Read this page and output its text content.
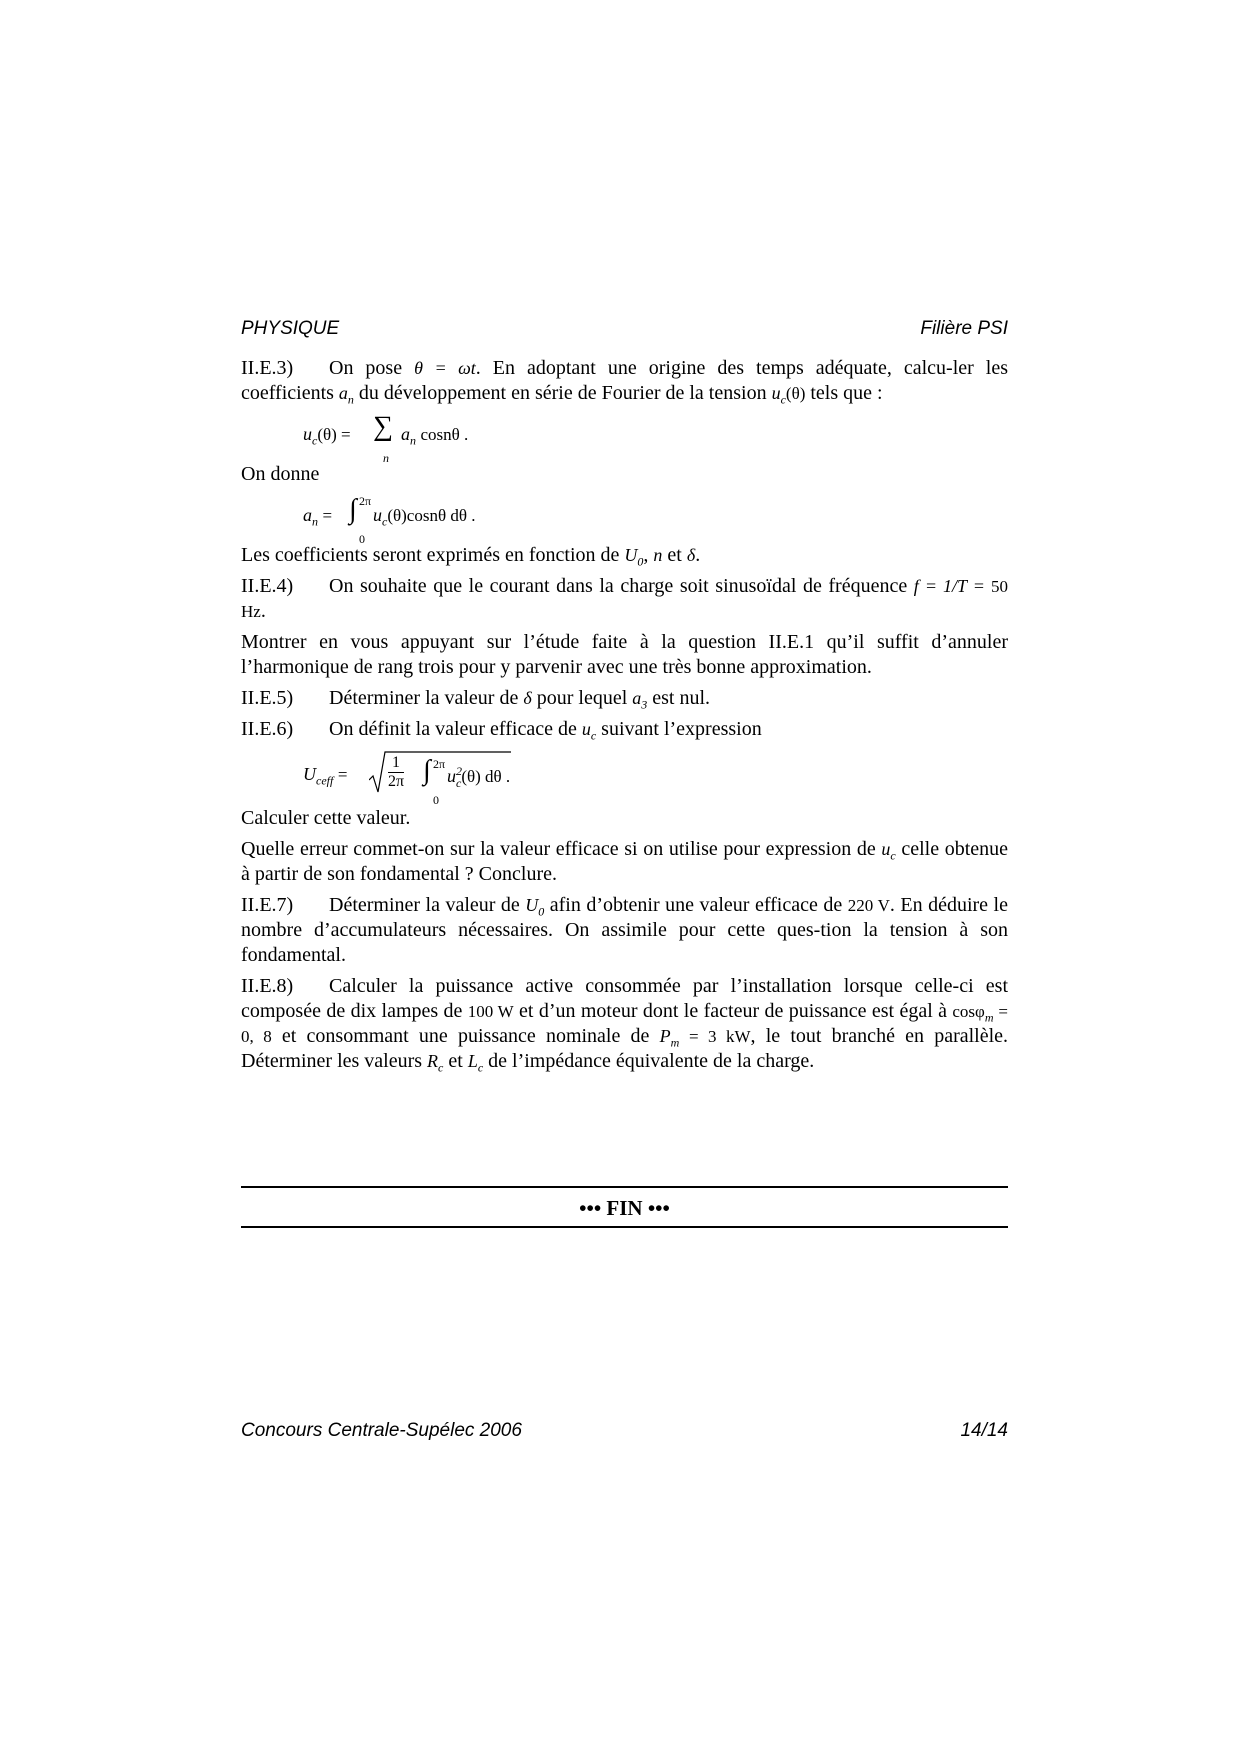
PHYSIQUE	Filière PSI

II.E.3) On pose θ = ωt. En adoptant une origine des temps adéquate, calcu-ler les coefficients $a_n$ du développement en série de Fourier de la tension $u_c(\theta)$ tels que :

$u_c(\theta)$ = ∑
n
$a_n$ cosnθ .

On donne

$a_n$ = ∫ 2π
0
$u_c(\theta)\cos n\theta$ dθ .

Les coefficients seront exprimés en fonction de $U_0$, n et δ.

II.E.4) On souhaite que le courant dans la charge soit sinusoïdal de fréquence f = 1/T = 50 Hz.

Montrer en vous appuyant sur l’étude faite à la question II.E.1 qu’il suffit d’annuler l’harmonique de rang trois pour y parvenir avec une très bonne approximation.

II.E.5) Déterminer la valeur de δ pour lequel $a_3$ est nul.

II.E.6) On définit la valeur efficace de $u_c$ suivant l’expression

$U_{ceff}$ =	$\frac{1}{2\pi}$ ∫ 2π
0
$u^2_c(\theta)$ dθ .

Calculer cette valeur.

Quelle erreur commet-on sur la valeur efficace si on utilise pour expression de $u_c$ celle obtenue à partir de son fondamental ? Conclure.

II.E.7) Déterminer la valeur de $U_0$ afin d’obtenir une valeur efficace de 220 V. En déduire le nombre d’accumulateurs nécessaires. On assimile pour cette ques-tion la tension à son fondamental.

II.E.8) Calculer la puissance active consommée par l’installation lorsque celle-ci est composée de dix lampes de 100 W et d’un moteur dont le facteur de puissance est égal à cosφ$_m$ = 0, 8 et consommant une puissance nominale de $P_m = 3$ kW, le tout branché en parallèle. Déterminer les valeurs $R_c$ et $L_c$ de l’impédance équivalente de la charge.

••• FIN •••
Concours Centrale-Supélec 2006	14/14
